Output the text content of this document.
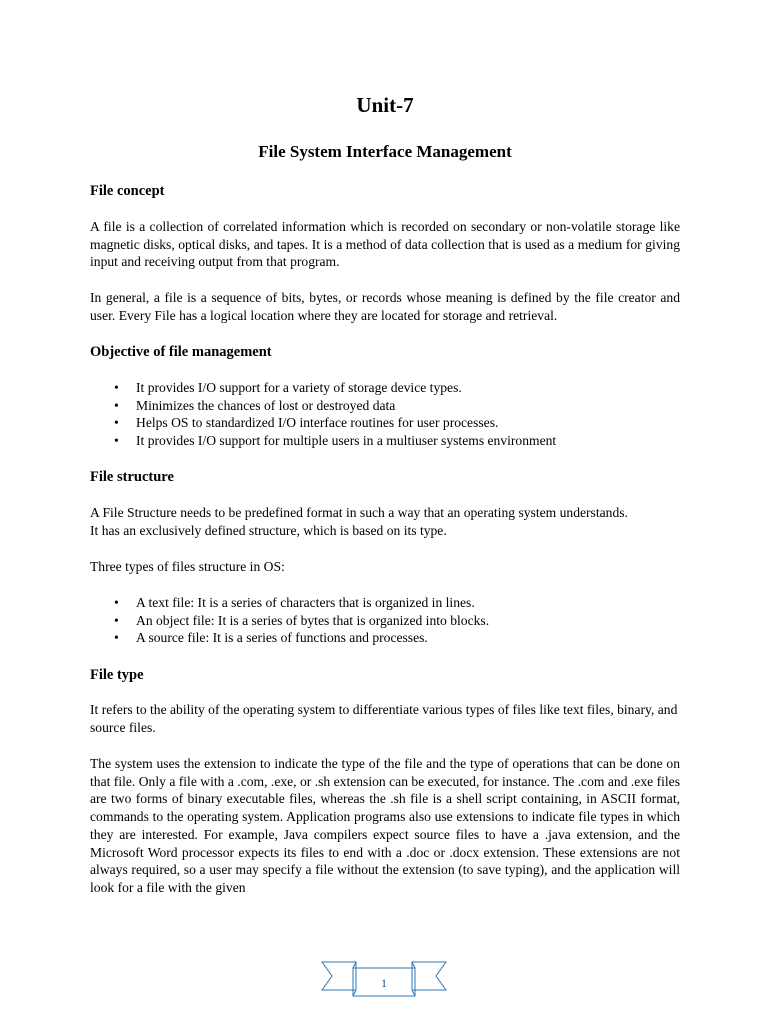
Unit-7
File System Interface Management
File concept

A file is a collection of correlated information which is recorded on secondary or non-volatile storage like magnetic disks, optical disks, and tapes. It is a method of data collection that is used as a medium for giving input and receiving output from that program.

In general, a file is a sequence of bits, bytes, or records whose meaning is defined by the file creator and user. Every File has a logical location where they are located for storage and retrieval.

Objective of file management
• It provides I/O support for a variety of storage device types.
• Minimizes the chances of lost or destroyed data
• Helps OS to standardized I/O interface routines for user processes.
• It provides I/O support for multiple users in a multiuser systems environment
File structure

A File Structure needs to be predefined format in such a way that an operating system understands. It has an exclusively defined structure, which is based on its type.

Three types of files structure in OS:

• A text file: It is a series of characters that is organized in lines.
• An object file: It is a series of bytes that is organized into blocks.
• A source file: It is a series of functions and processes.
File type

It refers to the ability of the operating system to differentiate various types of files like text files, binary, and source files.

The system uses the extension to indicate the type of the file and the type of operations that can be done on that file. Only a file with a .com, .exe, or .sh extension can be executed, for instance. The .com and .exe files are two forms of binary executable files, whereas the .sh file is a shell script containing, in ASCII format, commands to the operating system. Application programs also use extensions to indicate file types in which they are interested. For example, Java compilers expect source files to have a .java extension, and the Microsoft Word processor expects its files to end with a .doc or .docx extension. These extensions are not always required, so a user may specify a file without the extension (to save typing), and the application will look for a file with the given

1
